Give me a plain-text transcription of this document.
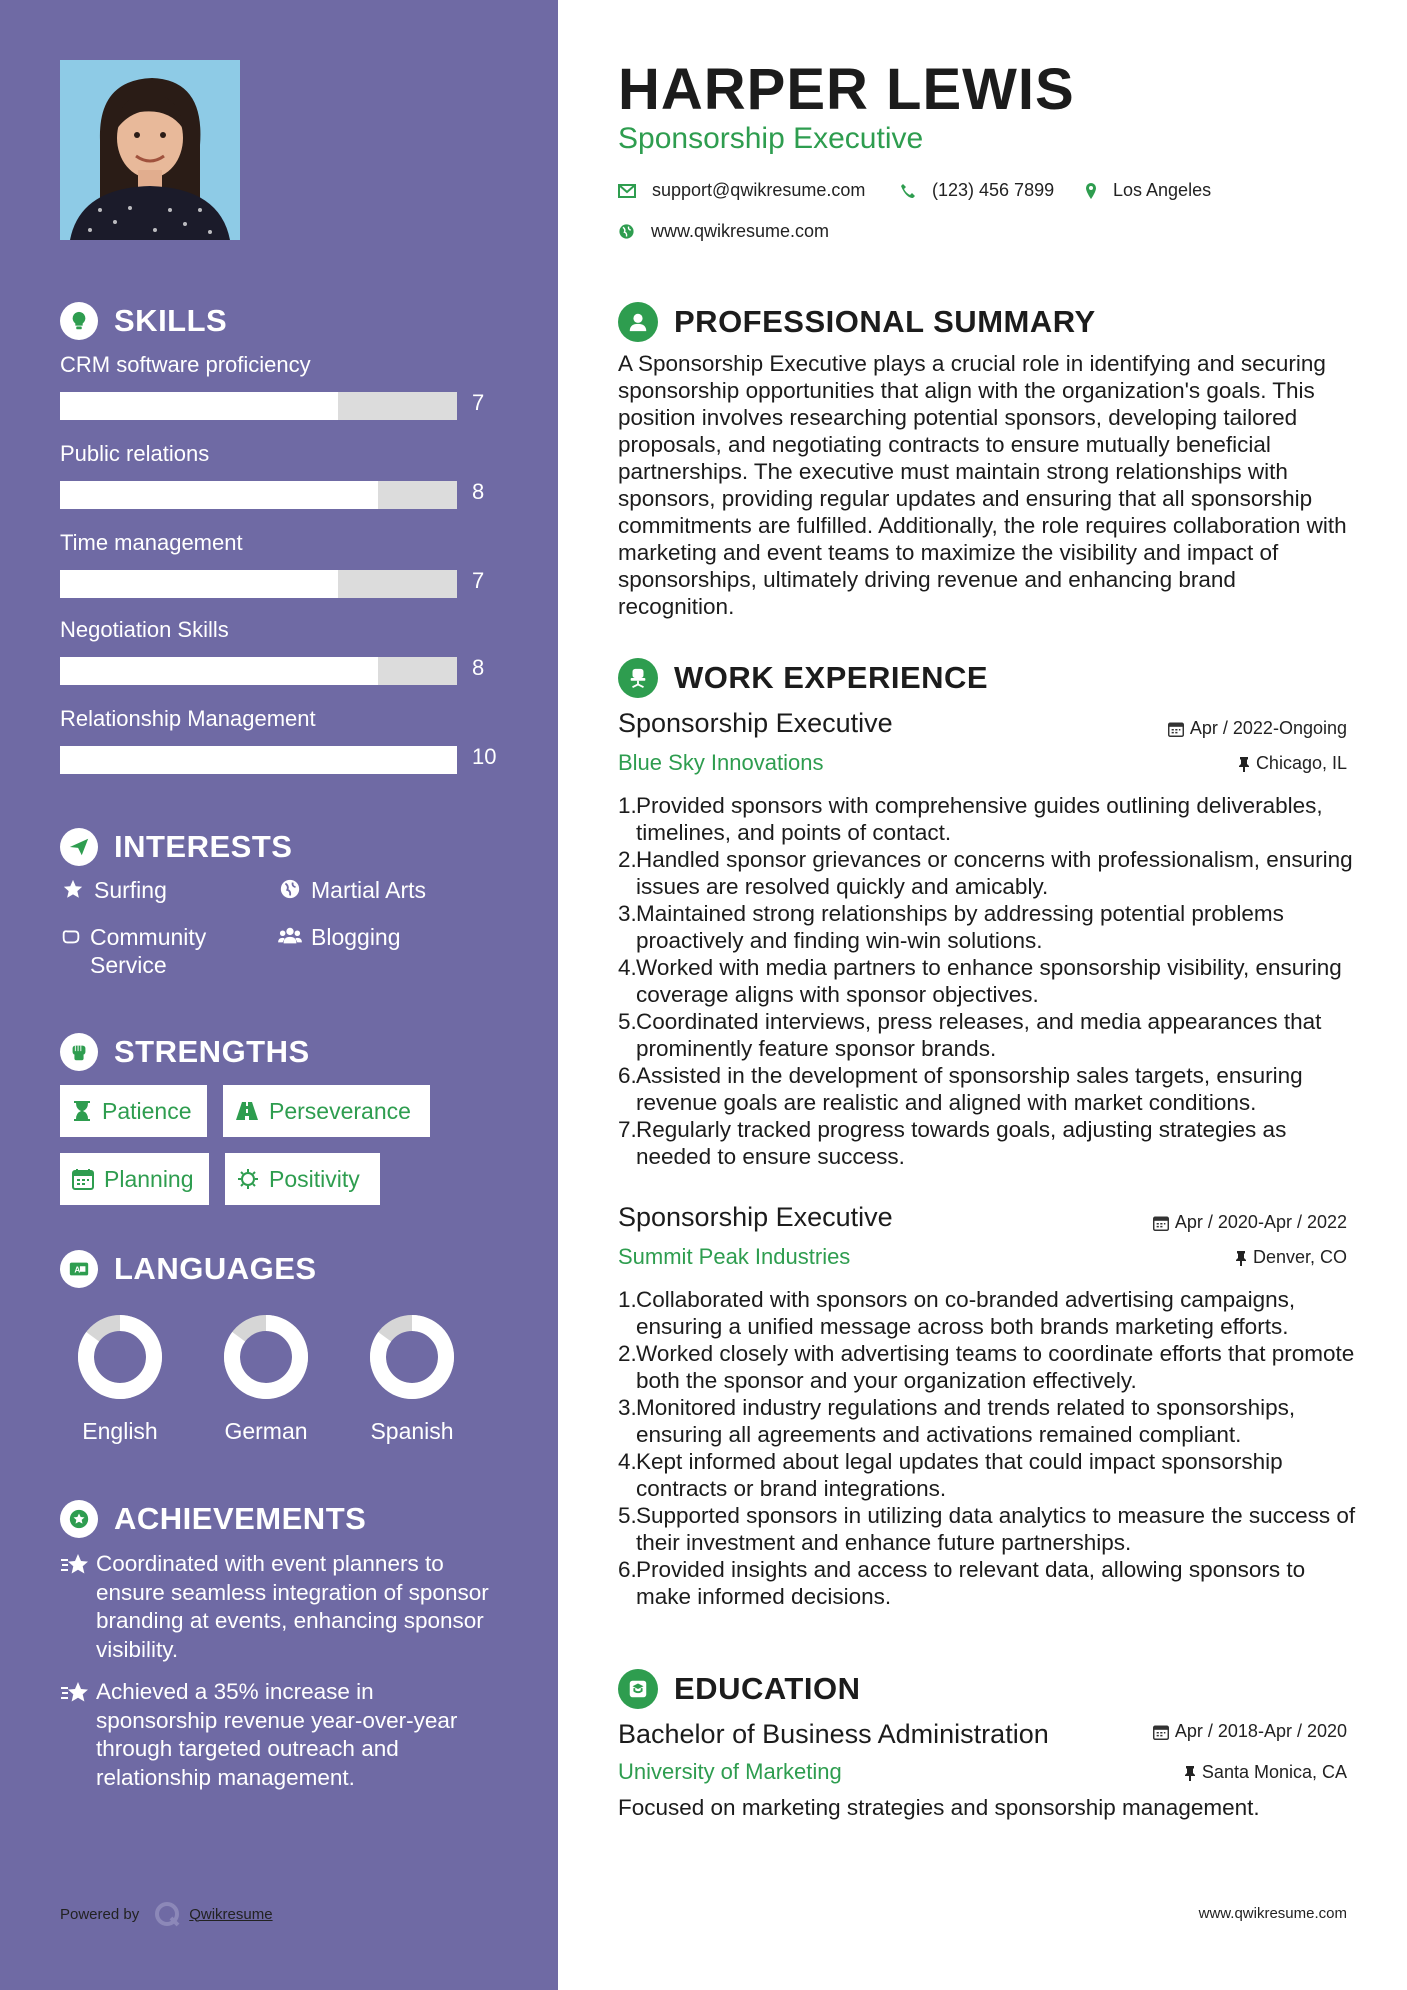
SKILLS
INTERESTS
Surfing	Martial Arts
Community Service
Blogging
STRENGTHS
Patience	Perseverance
Planning	Positivity
A LANGUAGES
ACHIEVEMENTS
Coordinated with event planners to ensure seamless integration of sponsor branding at events, enhancing sponsor visibility.
Achieved a 35% increase in sponsorship revenue year-over-year through targeted outreach and relationship management.
Powered by	Qwikresume
CRM software proficiency
7
Public relations
8
Time management
7
Negotiation Skills
8
Relationship Management
10
English	German	Spanish
HARPER LEWIS
Sponsorship Executive
support@qwikresume.com	(123) 456 7899	Los Angeles
www.qwikresume.com
PROFESSIONAL SUMMARY
A Sponsorship Executive plays a crucial role in identifying and securing sponsorship opportunities that align with the organization's goals. This position involves researching potential sponsors, developing tailored proposals, and negotiating contracts to ensure mutually beneficial partnerships. The executive must maintain strong relationships with sponsors, providing regular updates and ensuring that all sponsorship commitments are fulfilled. Additionally, the role requires collaboration with marketing and event teams to maximize the visibility and impact of sponsorships, ultimately driving revenue and enhancing brand recognition.
WORK EXPERIENCE
Sponsorship Executive	Apr / 2022-Ongoing
Blue Sky Innovations	Chicago, IL
1. Provided sponsors with comprehensive guides outlining deliverables, timelines, and points of contact.
2. Handled sponsor grievances or concerns with professionalism, ensuring issues are resolved quickly and amicably.
3. Maintained strong relationships by addressing potential problems proactively and finding win-win solutions.
4. Worked with media partners to enhance sponsorship visibility, ensuring coverage aligns with sponsor objectives.
5. Coordinated interviews, press releases, and media appearances that prominently feature sponsor brands.
6. Assisted in the development of sponsorship sales targets, ensuring revenue goals are realistic and aligned with market conditions.
7. Regularly tracked progress towards goals, adjusting strategies as needed to ensure success.
Sponsorship Executive	Apr / 2020-Apr / 2022
Summit Peak Industries	Denver, CO
1. Collaborated with sponsors on co-branded advertising campaigns, ensuring a unified message across both brands marketing efforts.
2. Worked closely with advertising teams to coordinate efforts that promote both the sponsor and your organization effectively.
3. Monitored industry regulations and trends related to sponsorships, ensuring all agreements and activations remained compliant.
4. Kept informed about legal updates that could impact sponsorship contracts or brand integrations.
5. Supported sponsors in utilizing data analytics to measure the success of their investment and enhance future partnerships.
6. Provided insights and access to relevant data, allowing sponsors to make informed decisions.
EDUCATION
Bachelor of Business Administration	Apr / 2018-Apr / 2020
University of Marketing	Santa Monica, CA
Focused on marketing strategies and sponsorship management.
www.qwikresume.com
